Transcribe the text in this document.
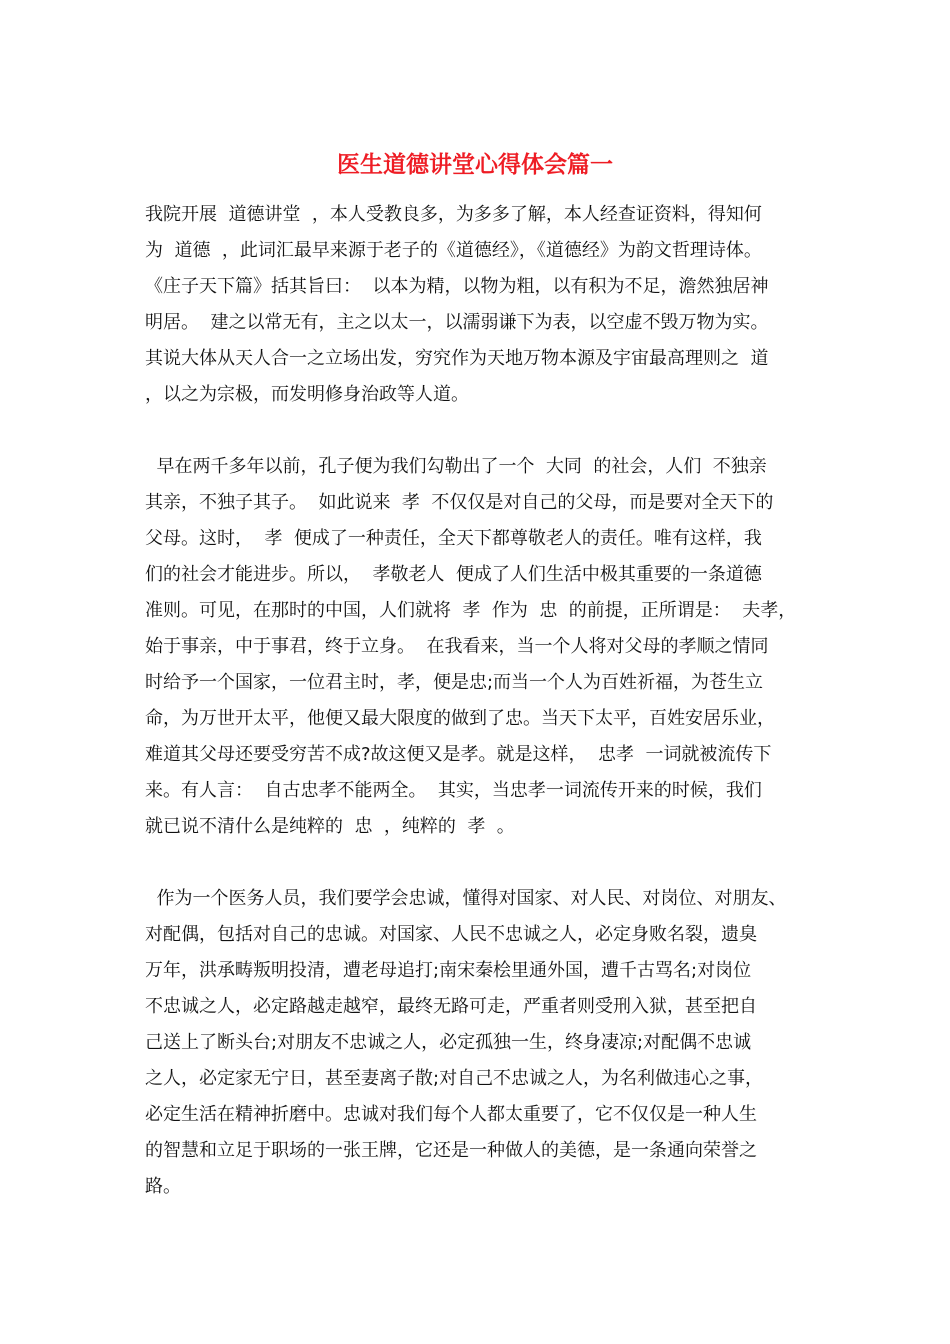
医生道德讲堂心得体会篇一
我院开展  道德讲堂  ，本人受教良多，为多多了解，本人经查证资料，得知何
为  道德  ，此词汇最早来源于老子的《道德经》，《道德经》为韵文哲理诗体。
《庄子天下篇》括其旨曰：  以本为精，以物为粗，以有积为不足，澹然独居神
明居。  建之以常无有，主之以太一，以濡弱谦下为表，以空虚不毁万物为实。
其说大体从天人合一之立场出发，穷究作为天地万物本源及宇宙最高理则之  道
，以之为宗极，而发明修身治政等人道。
早在两千多年以前，孔子便为我们勾勒出了一个  大同  的社会，人们  不独亲
其亲，不独子其子。  如此说来  孝  不仅仅是对自己的父母，而是要对全天下的
父母。这时，  孝  便成了一种责任，全天下都尊敬老人的责任。唯有这样，我
们的社会才能进步。所以，  孝敬老人  便成了人们生活中极其重要的一条道德
准则。可见，在那时的中国，人们就将  孝  作为  忠  的前提，正所谓是：  夫孝，
始于事亲，中于事君，终于立身。  在我看来，当一个人将对父母的孝顺之情同
时给予一个国家，一位君主时，孝，便是忠;而当一个人为百姓祈福，为苍生立
命，为万世开太平，他便又最大限度的做到了忠。当天下太平，百姓安居乐业，
难道其父母还要受穷苦不成?故这便又是孝。就是这样，  忠孝  一词就被流传下
来。有人言：  自古忠孝不能两全。  其实，当忠孝一词流传开来的时候，我们
就已说不清什么是纯粹的  忠  ，纯粹的  孝  。
作为一个医务人员，我们要学会忠诚，懂得对国家、对人民、对岗位、对朋友、
对配偶，包括对自己的忠诚。对国家、人民不忠诚之人，必定身败名裂，遗臭
万年，洪承畴叛明投清，遭老母追打;南宋秦桧里通外国，遭千古骂名;对岗位
不忠诚之人，必定路越走越窄，最终无路可走，严重者则受刑入狱，甚至把自
己送上了断头台;对朋友不忠诚之人，必定孤独一生，终身凄凉;对配偶不忠诚
之人，必定家无宁日，甚至妻离子散;对自己不忠诚之人，为名利做违心之事，
必定生活在精神折磨中。忠诚对我们每个人都太重要了，它不仅仅是一种人生
的智慧和立足于职场的一张王牌，它还是一种做人的美德，是一条通向荣誉之
路。
